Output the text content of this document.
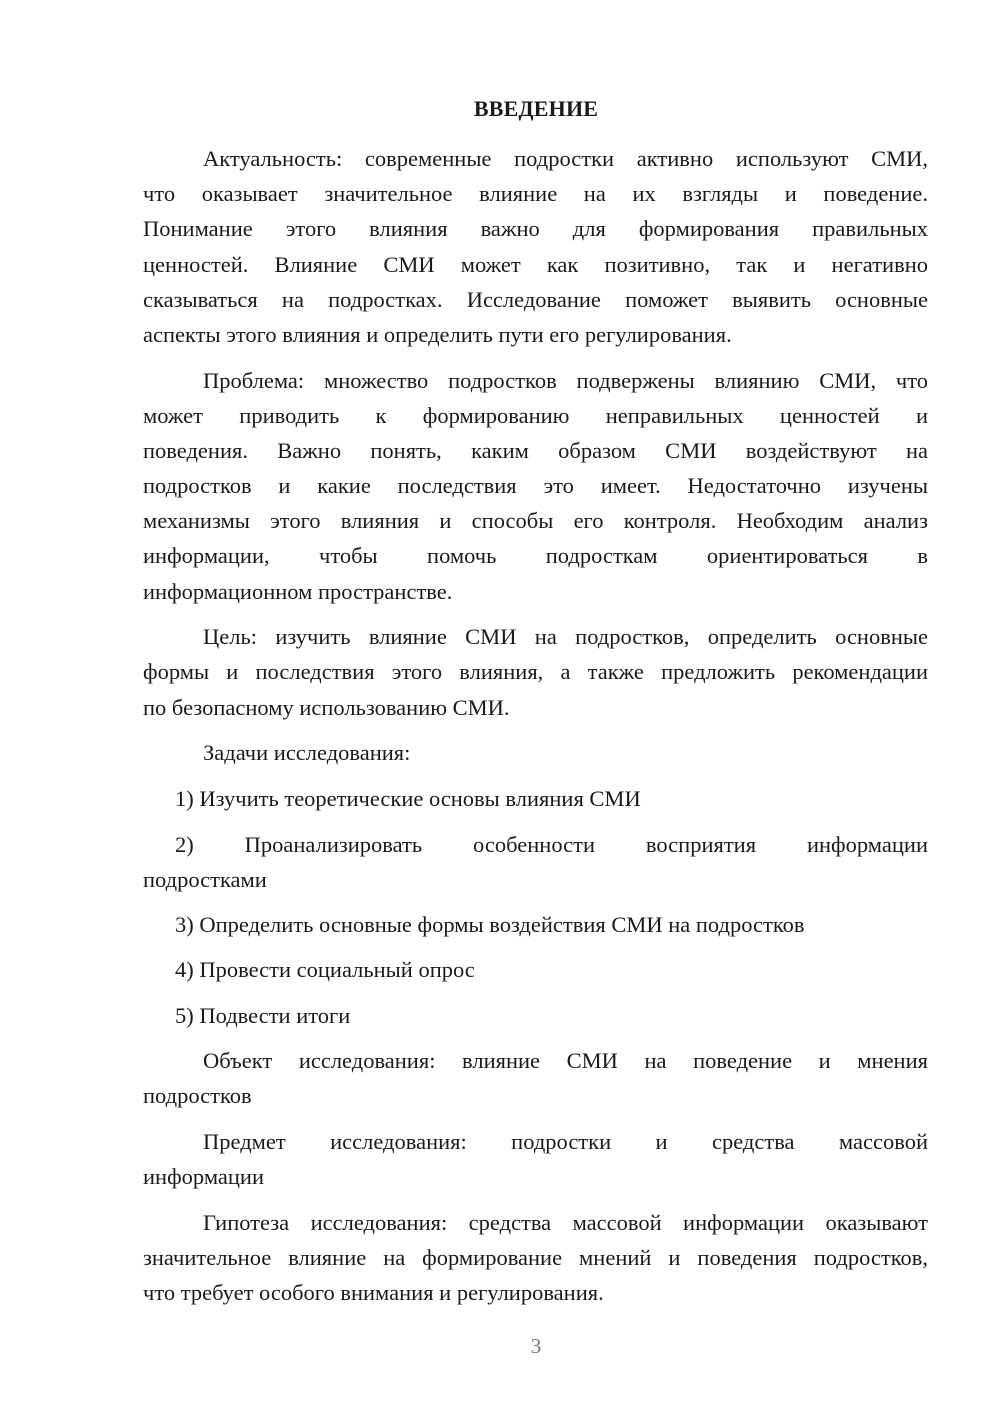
ВВЕДЕНИЕ
Актуальность: современные подростки активно используют СМИ,
что оказывает значительное влияние на их взгляды и поведение.
Понимание этого влияния важно для формирования правильных
ценностей. Влияние СМИ может как позитивно, так и негативно
сказываться на подростках. Исследование поможет выявить основные
аспекты этого влияния и определить пути его регулирования.
Проблема: множество подростков подвержены влиянию СМИ, что
может приводить к формированию неправильных ценностей и
поведения. Важно понять, каким образом СМИ воздействуют на
подростков и какие последствия это имеет. Недостаточно изучены
механизмы этого влияния и способы его контроля. Необходим анализ
информации, чтобы помочь подросткам ориентироваться в
информационном пространстве.
Цель: изучить влияние СМИ на подростков, определить основные
формы и последствия этого влияния, а также предложить рекомендации
по безопасному использованию СМИ.
Задачи исследования:
1) Изучить теоретические основы влияния СМИ
2) Проанализировать особенности восприятия информации
подростками
3) Определить основные формы воздействия СМИ на подростков
4) Провести социальный опрос
5) Подвести итоги
Объект исследования: влияние СМИ на поведение и мнения
подростков
Предмет исследования: подростки и средства массовой
информации
Гипотеза исследования: средства массовой информации оказывают
значительное влияние на формирование мнений и поведения подростков,
что требует особого внимания и регулирования.
3
